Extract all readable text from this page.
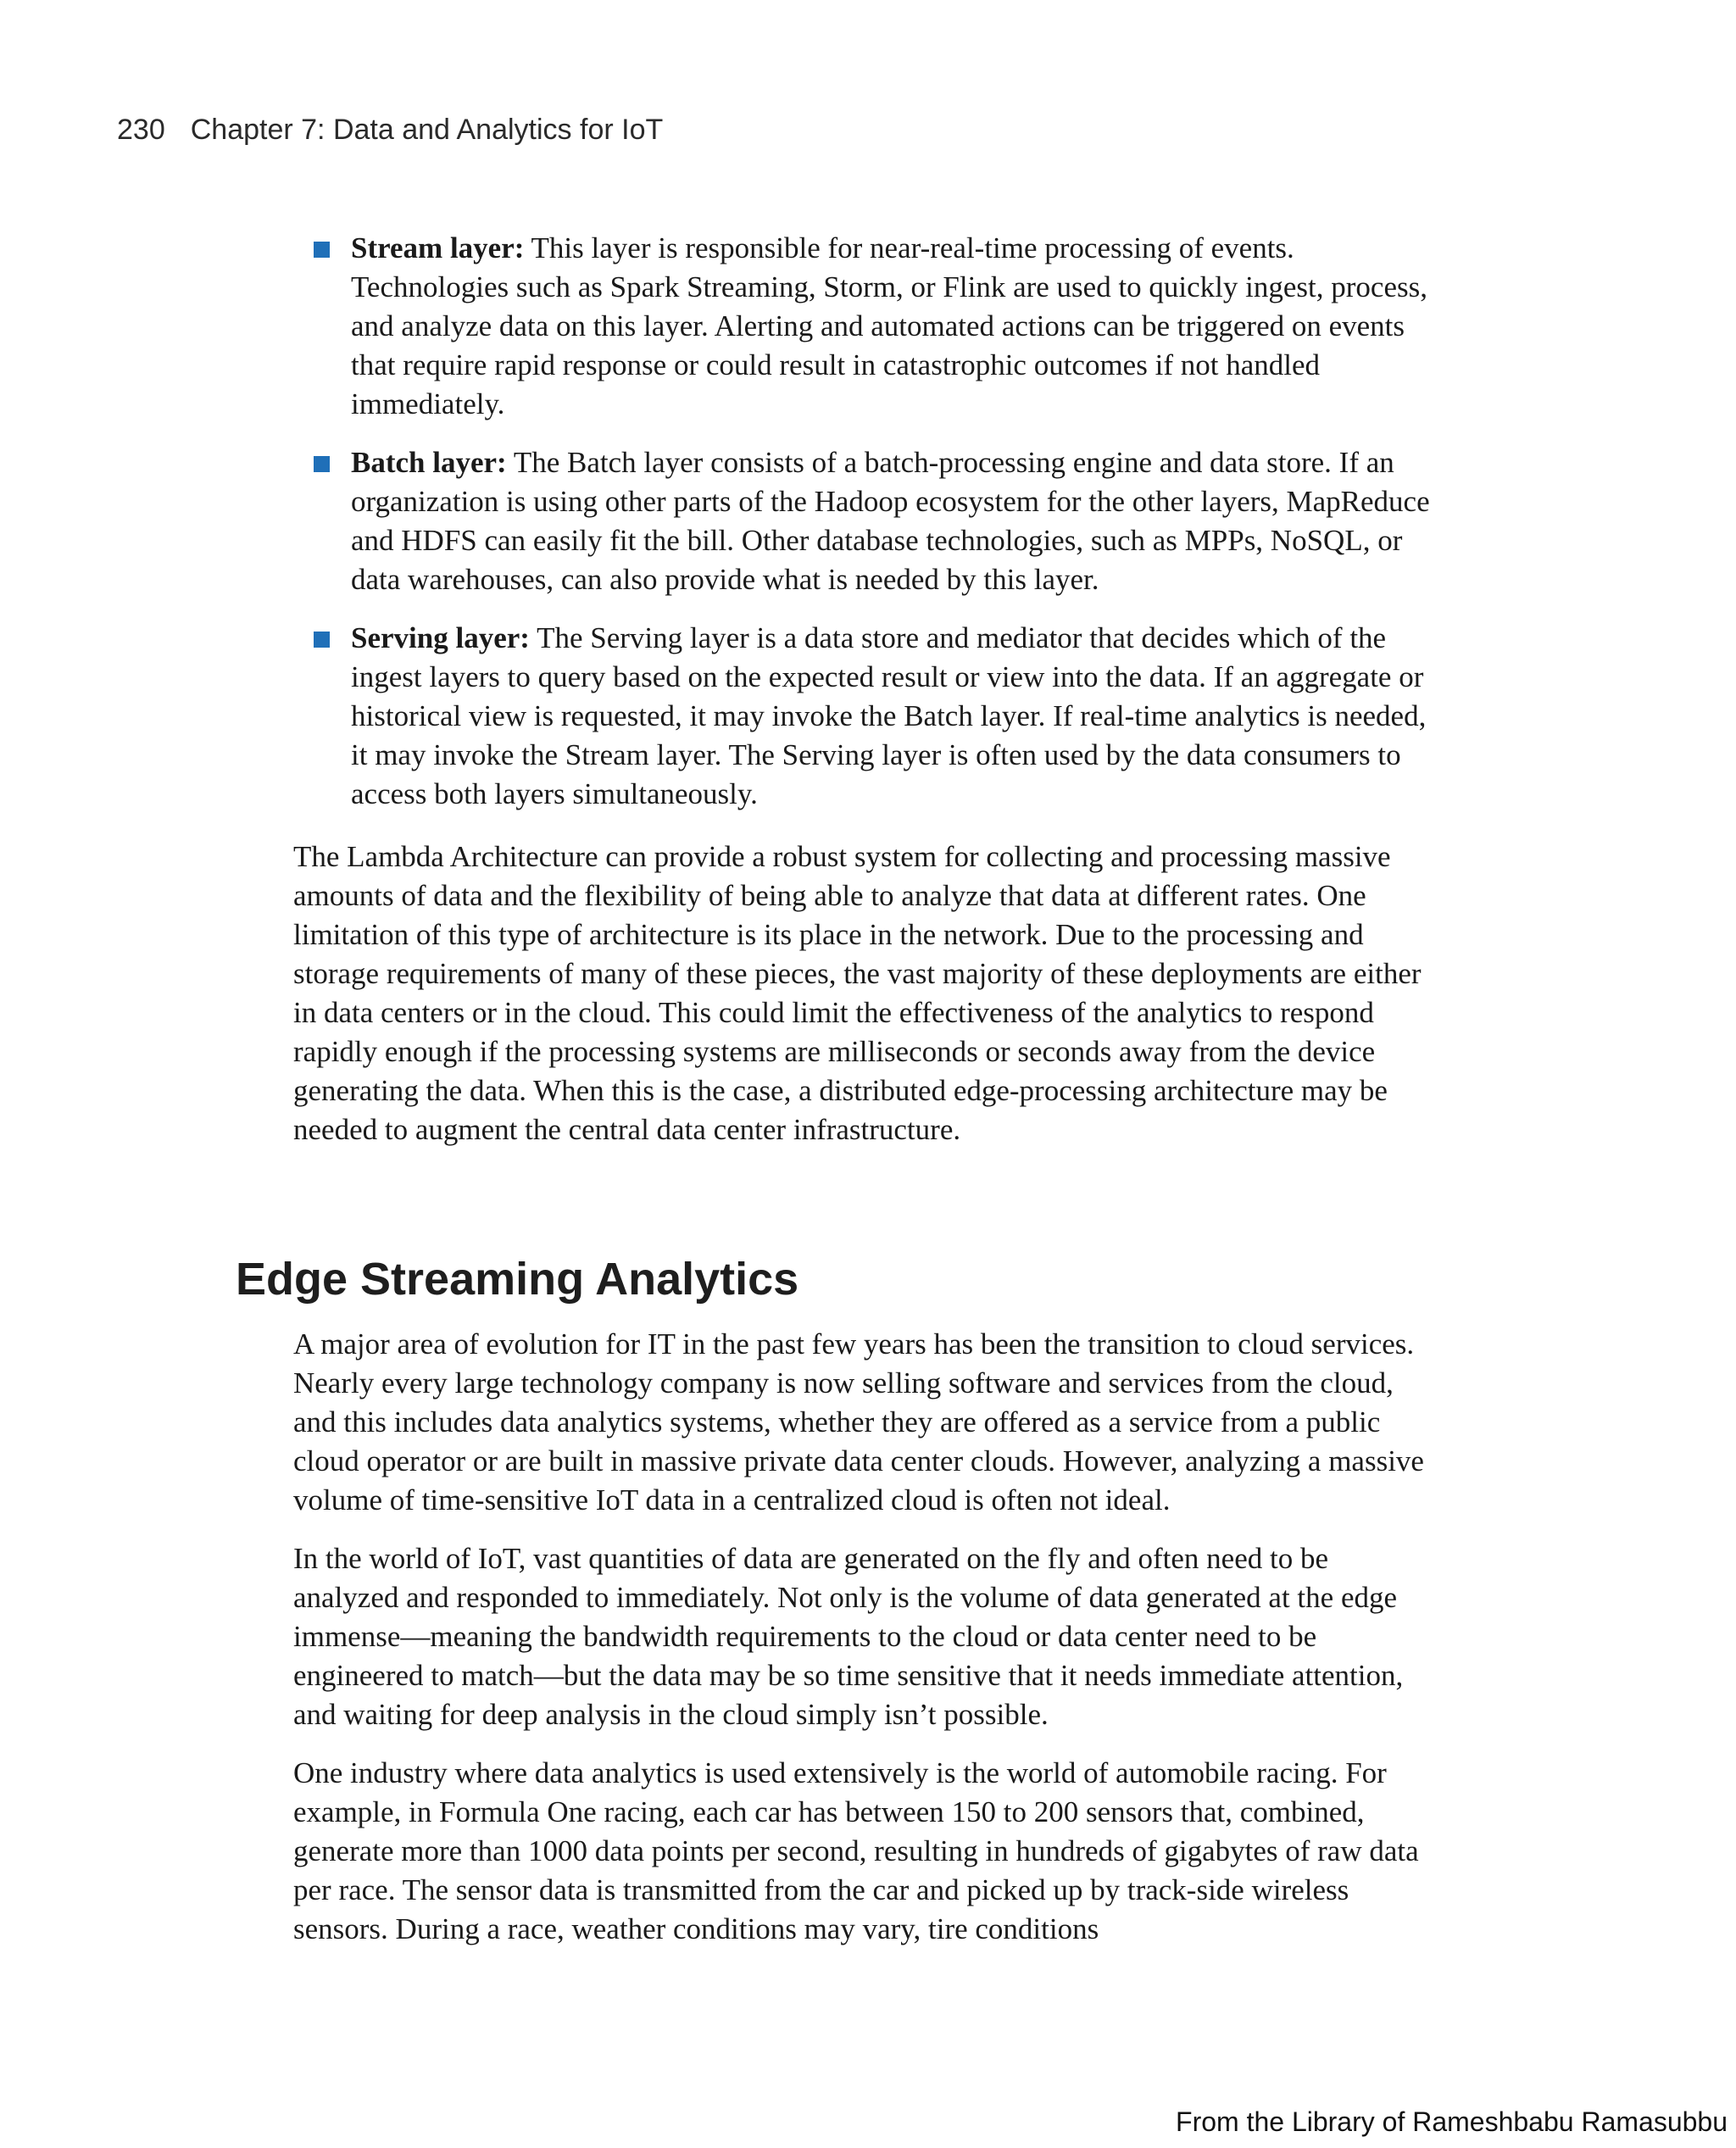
230 Chapter 7: Data and Analytics for IoT
Stream layer: This layer is responsible for near-real-time processing of events. Technologies such as Spark Streaming, Storm, or Flink are used to quickly ingest, process, and analyze data on this layer. Alerting and automated actions can be triggered on events that require rapid response or could result in catastrophic outcomes if not handled immediately.
Batch layer: The Batch layer consists of a batch-processing engine and data store. If an organization is using other parts of the Hadoop ecosystem for the other layers, MapReduce and HDFS can easily fit the bill. Other database technologies, such as MPPs, NoSQL, or data warehouses, can also provide what is needed by this layer.
Serving layer: The Serving layer is a data store and mediator that decides which of the ingest layers to query based on the expected result or view into the data. If an aggregate or historical view is requested, it may invoke the Batch layer. If real-time analytics is needed, it may invoke the Stream layer. The Serving layer is often used by the data consumers to access both layers simultaneously.

The Lambda Architecture can provide a robust system for collecting and processing massive amounts of data and the flexibility of being able to analyze that data at different rates. One limitation of this type of architecture is its place in the network. Due to the processing and storage requirements of many of these pieces, the vast majority of these deployments are either in data centers or in the cloud. This could limit the effectiveness of the analytics to respond rapidly enough if the processing systems are milliseconds or seconds away from the device generating the data. When this is the case, a distributed edge-processing architecture may be needed to augment the central data center infrastructure.

Edge Streaming Analytics

A major area of evolution for IT in the past few years has been the transition to cloud services. Nearly every large technology company is now selling software and services from the cloud, and this includes data analytics systems, whether they are offered as a service from a public cloud operator or are built in massive private data center clouds. However, analyzing a massive volume of time-sensitive IoT data in a centralized cloud is often not ideal.

In the world of IoT, vast quantities of data are generated on the fly and often need to be analyzed and responded to immediately. Not only is the volume of data generated at the edge immense—meaning the bandwidth requirements to the cloud or data center need to be engineered to match—but the data may be so time sensitive that it needs immediate attention, and waiting for deep analysis in the cloud simply isn’t possible.

One industry where data analytics is used extensively is the world of automobile racing. For example, in Formula One racing, each car has between 150 to 200 sensors that, combined, generate more than 1000 data points per second, resulting in hundreds of gigabytes of raw data per race. The sensor data is transmitted from the car and picked up by track-side wireless sensors. During a race, weather conditions may vary, tire conditions

From the Library of Rameshbabu Ramasubbu
